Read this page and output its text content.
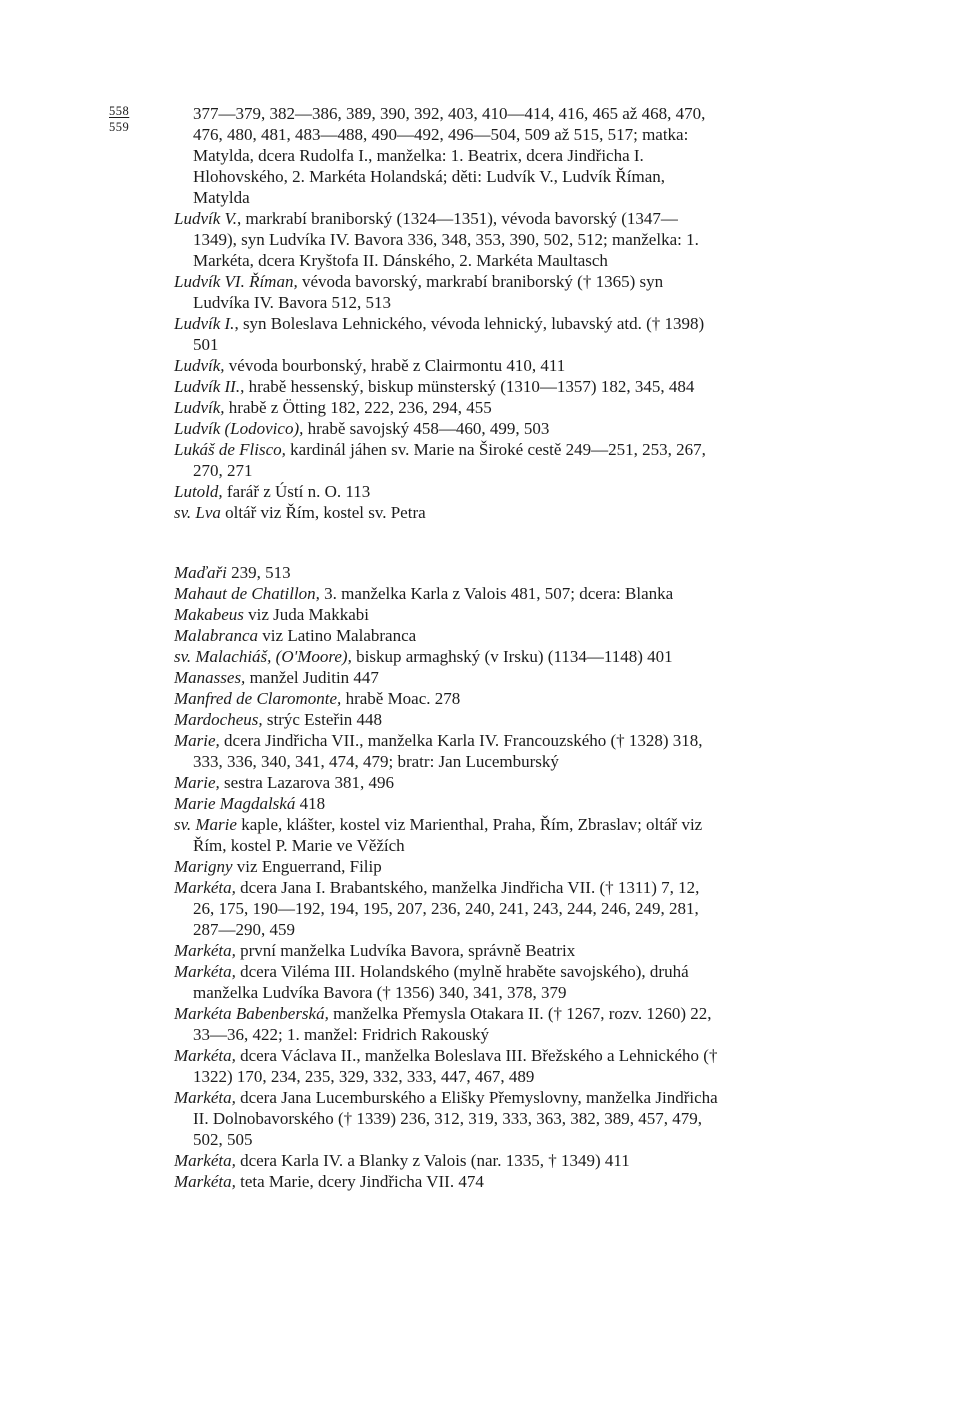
558
559
377—379, 382—386, 389, 390, 392, 403, 410—414, 416, 465 až 468, 470, 476, 480, 481, 483—488, 490—492, 496—504, 509 až 515, 517; matka: Matylda, dcera Rudolfa I., manželka: 1. Beatrix, dcera Jindřicha I. Hlohovského, 2. Markéta Holandská; děti: Ludvík V., Ludvík Říman, Matylda
Ludvík V., markrabí braniborský (1324—1351), vévoda bavorský (1347—1349), syn Ludvíka IV. Bavora 336, 348, 353, 390, 502, 512; manželka: 1. Markéta, dcera Kryštofa II. Dánského, 2. Markéta Maultasch
Ludvík VI. Říman, vévoda bavorský, markrabí braniborský († 1365) syn Ludvíka IV. Bavora 512, 513
Ludvík I., syn Boleslava Lehnického, vévoda lehnický, lubavský atd. († 1398) 501
Ludvík, vévoda bourbonský, hrabě z Clairmontu 410, 411
Ludvík II., hrabě hessenský, biskup münsterský (1310—1357) 182, 345, 484
Ludvík, hrabě z Ötting 182, 222, 236, 294, 455
Ludvík (Lodovico), hrabě savojský 458—460, 499, 503
Lukáš de Flisco, kardinál jáhen sv. Marie na Široké cestě 249—251, 253, 267, 270, 271
Lutold, farář z Ústí n. O. 113
sv. Lva oltář viz Řím, kostel sv. Petra
Maďaři 239, 513
Mahaut de Chatillon, 3. manželka Karla z Valois 481, 507; dcera: Blanka
Makabeus viz Juda Makkabi
Malabranca viz Latino Malabranca
sv. Malachiáš, (O'Moore), biskup armaghský (v Irsku) (1134—1148) 401
Manasses, manžel Juditin 447
Manfred de Claromonte, hrabě Moac. 278
Mardocheus, strýc Esteřin 448
Marie, dcera Jindřicha VII., manželka Karla IV. Francouzského († 1328) 318, 333, 336, 340, 341, 474, 479; bratr: Jan Lucemburský
Marie, sestra Lazarova 381, 496
Marie Magdalská 418
sv. Marie kaple, klášter, kostel viz Marienthal, Praha, Řím, Zbraslav; oltář viz Řím, kostel P. Marie ve Věžích
Marigny viz Enguerrand, Filip
Markéta, dcera Jana I. Brabantského, manželka Jindřicha VII. († 1311) 7, 12, 26, 175, 190—192, 194, 195, 207, 236, 240, 241, 243, 244, 246, 249, 281, 287—290, 459
Markéta, první manželka Ludvíka Bavora, správně Beatrix
Markéta, dcera Viléma III. Holandského (mylně hraběte savojského), druhá manželka Ludvíka Bavora († 1356) 340, 341, 378, 379
Markéta Babenberská, manželka Přemysla Otakara II. († 1267, rozv. 1260) 22, 33—36, 422; 1. manžel: Fridrich Rakouský
Markéta, dcera Václava II., manželka Boleslava III. Břežského a Lehnického († 1322) 170, 234, 235, 329, 332, 333, 447, 467, 489
Markéta, dcera Jana Lucemburského a Elišky Přemyslovny, manželka Jindřicha II. Dolnobavorského († 1339) 236, 312, 319, 333, 363, 382, 389, 457, 479, 502, 505
Markéta, dcera Karla IV. a Blanky z Valois (nar. 1335, † 1349) 411
Markéta, teta Marie, dcery Jindřicha VII. 474
